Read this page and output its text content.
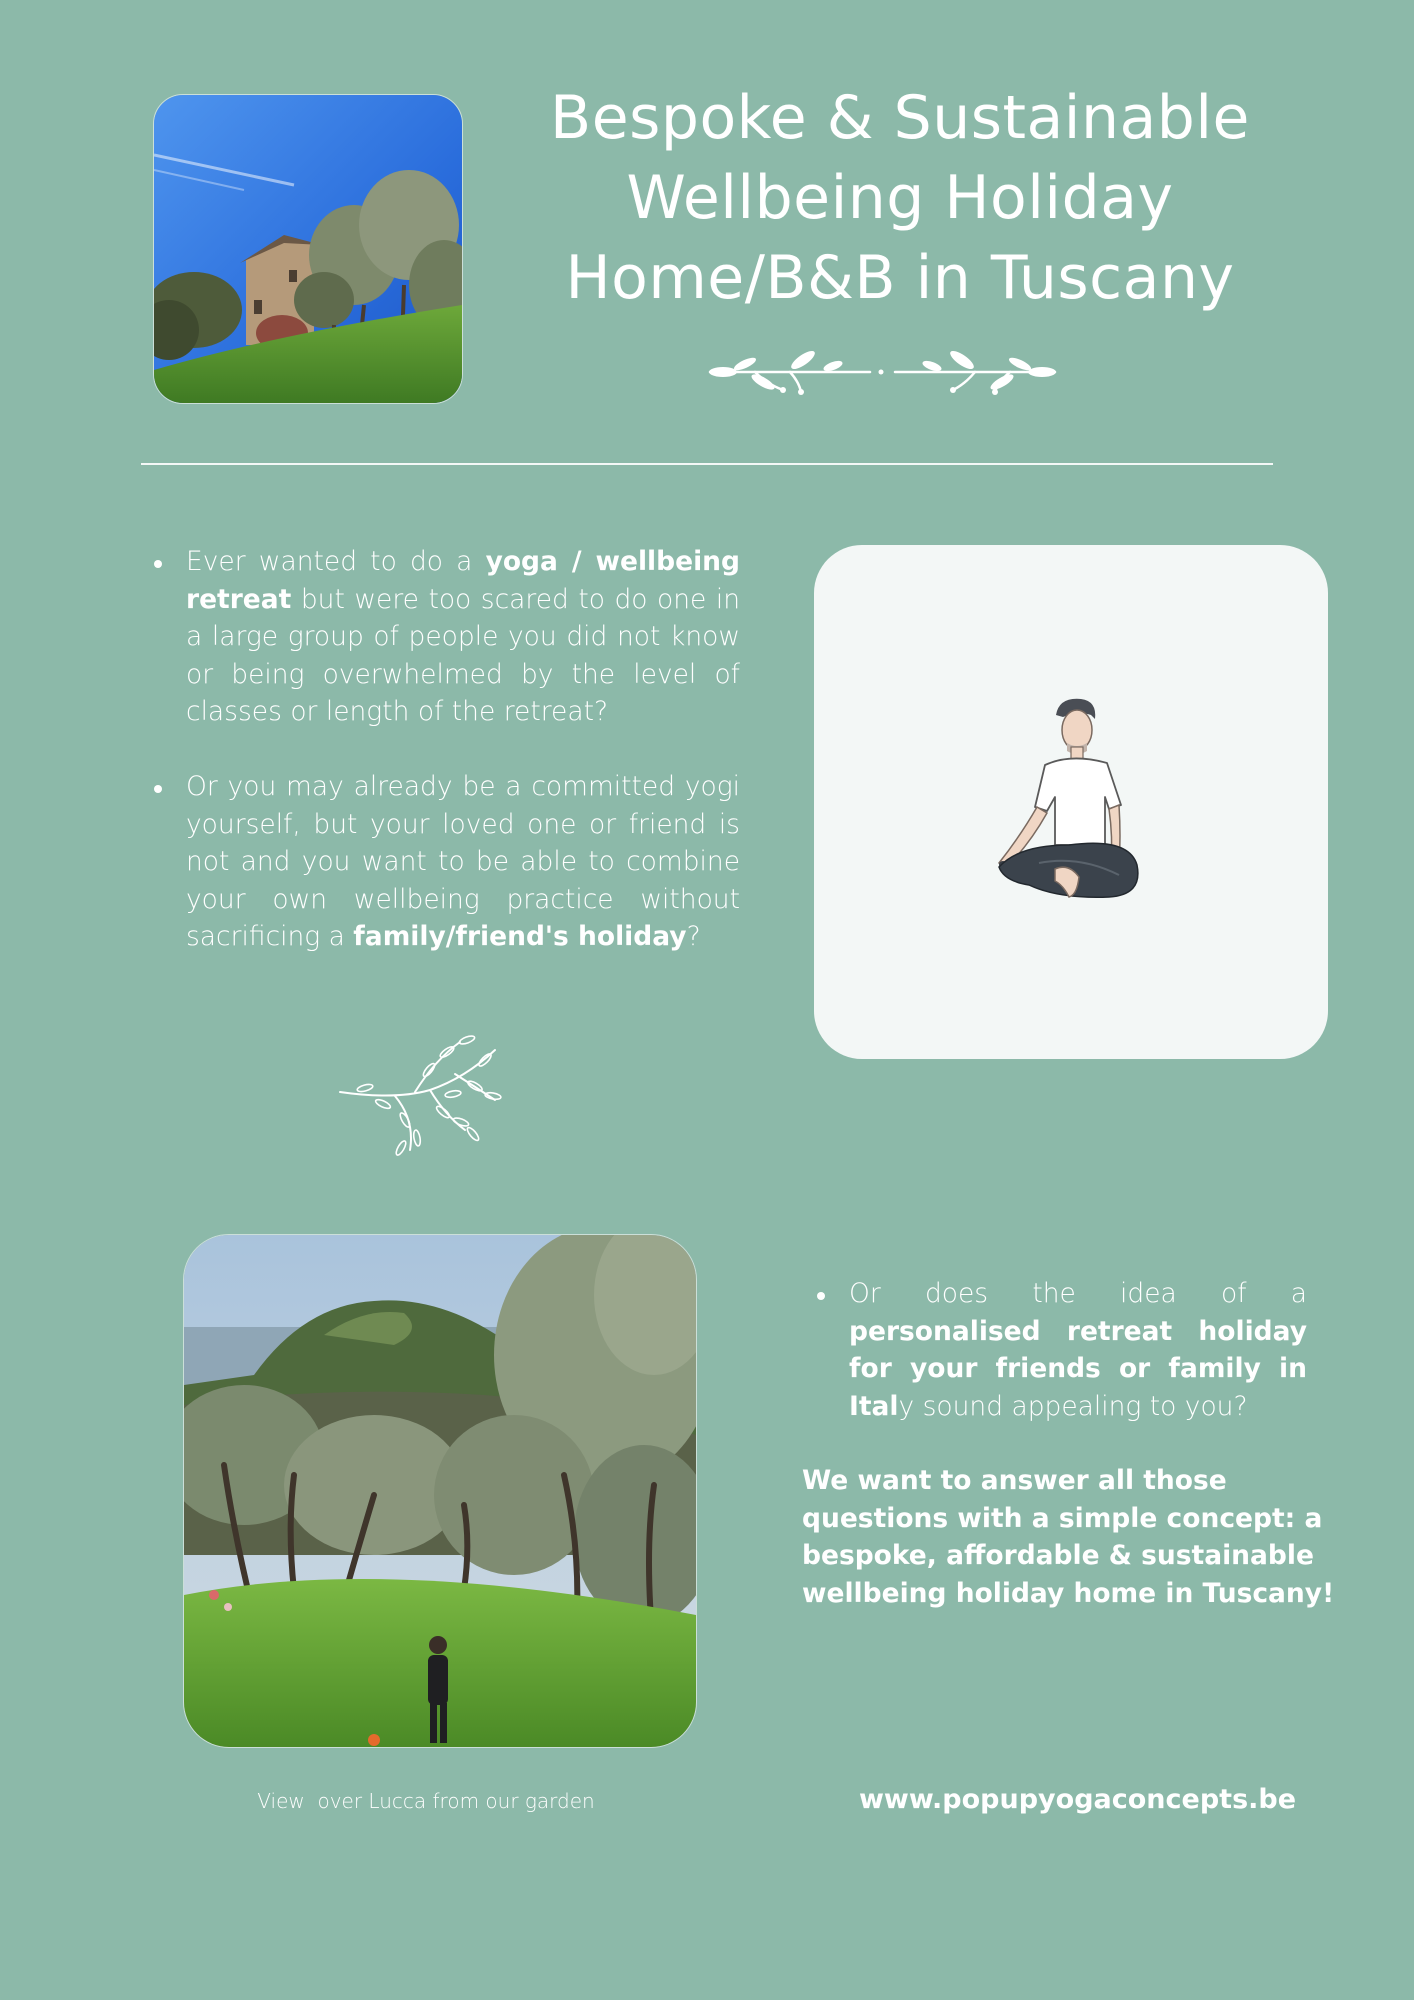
Bespoke & Sustainable
Wellbeing Holiday
Home/B&B in Tuscany
Ever wanted to do a yoga / wellbeing retreat but were too scared to do one in a large group of people you did not know or being overwhelmed by the level of classes or length of the retreat?
Or you may already be a committed yogi yourself, but your loved one or friend is not and you want to be able to combine your own wellbeing practice without sacrificing a family/friend's holiday?
Or does the idea of a personalised retreat holiday for your friends or family in Italy sound appealing to you?
We want to answer all those
questions with a simple concept: a
bespoke, affordable & sustainable
wellbeing holiday home in Tuscany!
View  over Lucca from our garden	www.popupyogaconcepts.be
